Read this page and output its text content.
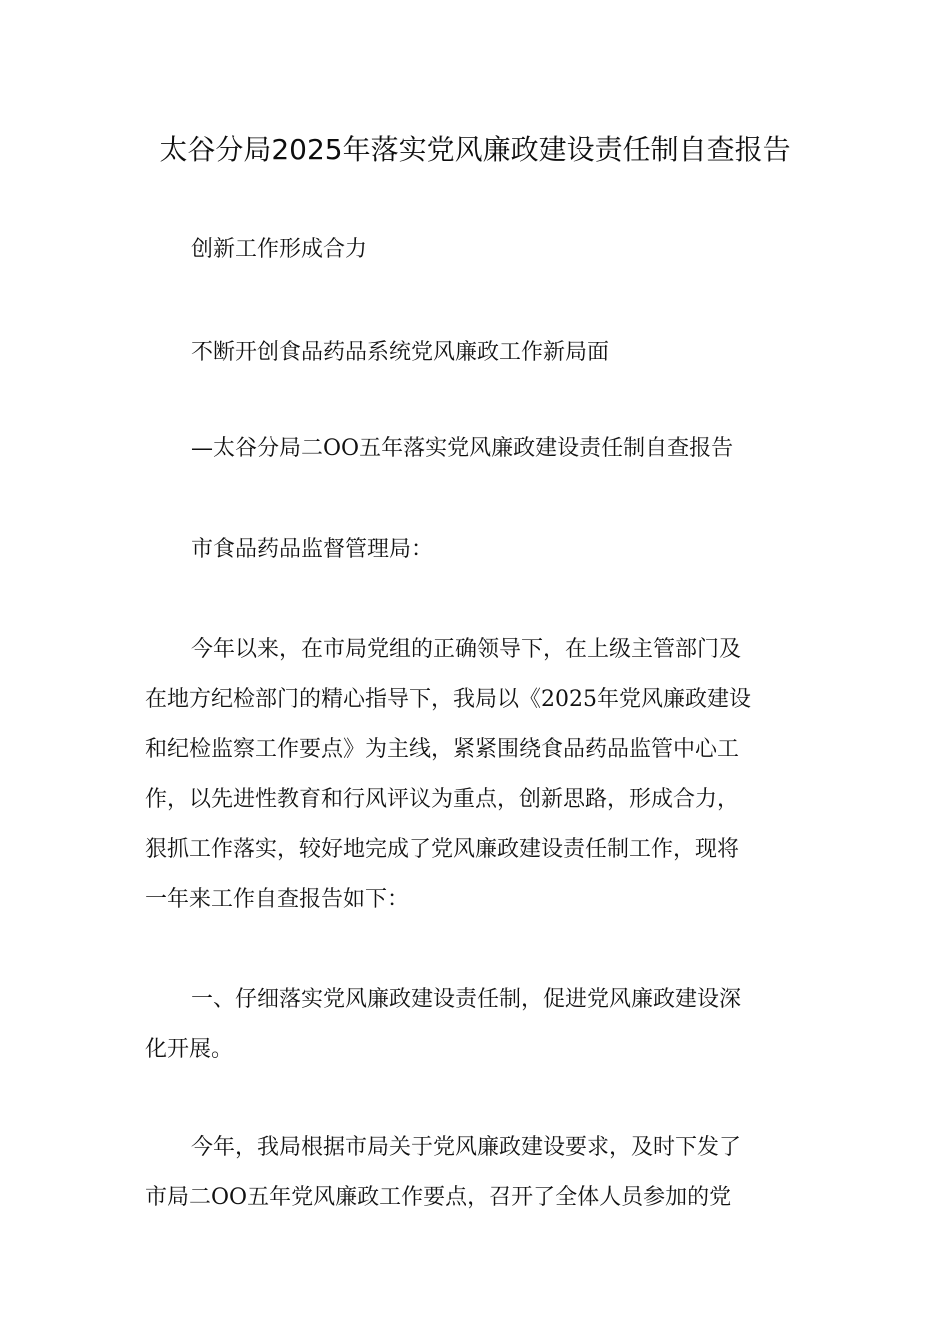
太谷分局2025年落实党风廉政建设责任制自查报告
创新工作形成合力
不断开创食品药品系统党风廉政工作新局面
—太谷分局二OO五年落实党风廉政建设责任制自查报告
市食品药品监督管理局：
今年以来，在市局党组的正确领导下，在上级主管部门及
在地方纪检部门的精心指导下，我局以《2025年党风廉政建设
和纪检监察工作要点》为主线，紧紧围绕食品药品监管中心工
作，以先进性教育和行风评议为重点，创新思路，形成合力，
狠抓工作落实，较好地完成了党风廉政建设责任制工作，现将
一年来工作自查报告如下：
一、仔细落实党风廉政建设责任制，促进党风廉政建设深
化开展。
今年，我局根据市局关于党风廉政建设要求，及时下发了
市局二OO五年党风廉政工作要点，召开了全体人员参加的党
